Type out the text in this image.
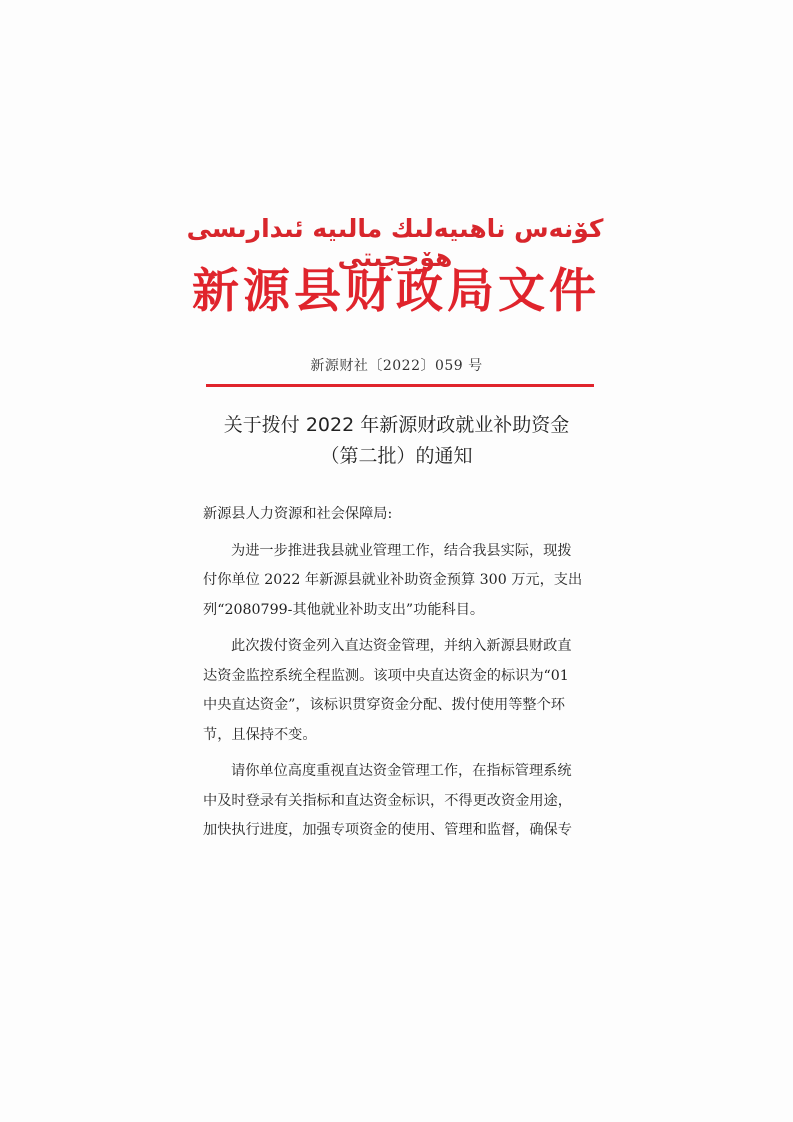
كۆنەس ناھىيەلىك مالىيە ئىدارىسى ھۆججىتى
新源县财政局文件
新源财社〔2022〕059 号
关于拨付 2022 年新源财政就业补助资金
（第二批）的通知
新源县人力资源和社会保障局:
为进一步推进我县就业管理工作，结合我县实际，现拨
付你单位 2022 年新源县就业补助资金预算 300 万元，支出
列“2080799-其他就业补助支出”功能科目。
此次拨付资金列入直达资金管理，并纳入新源县财政直
达资金监控系统全程监测。该项中央直达资金的标识为“01
中央直达资金”，该标识贯穿资金分配、拨付使用等整个环
节，且保持不变。
请你单位高度重视直达资金管理工作，在指标管理系统
中及时登录有关指标和直达资金标识，不得更改资金用途，
加快执行进度，加强专项资金的使用、管理和监督，确保专
